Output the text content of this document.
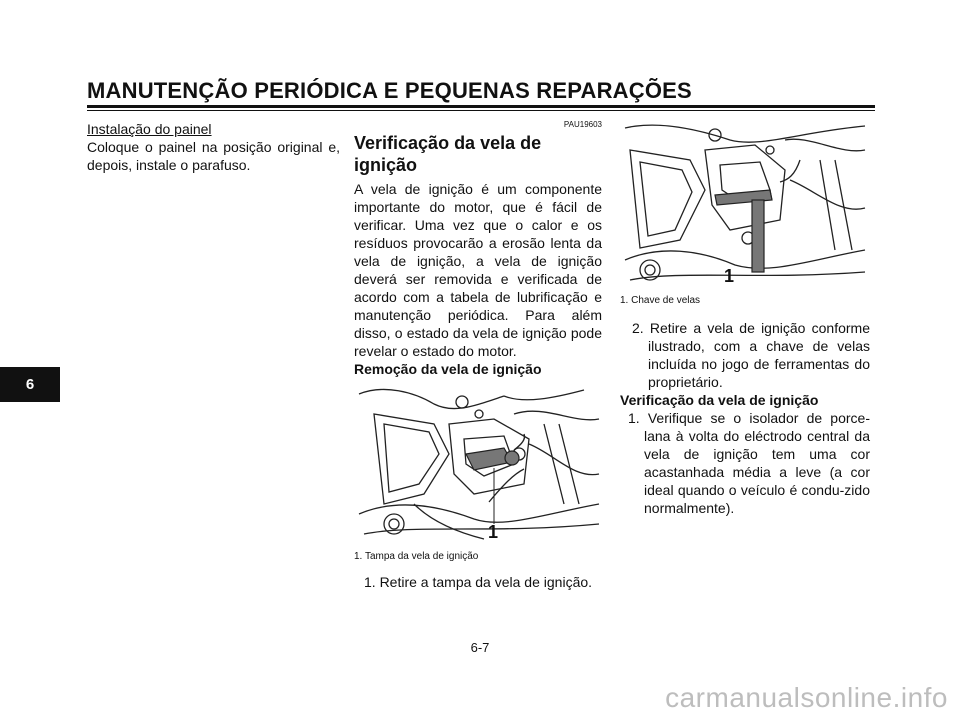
MANUTENÇÃO PERIÓDICA E PEQUENAS REPARAÇÕES
6
Instalação do painel

Coloque o painel na posição original e, depois, instale o parafuso.

PAU19603
Verificação da vela de ignição

A vela de ignição é um componente importante do motor, que é fácil de verificar. Uma vez que o calor e os resíduos provocarão a erosão lenta da vela de ignição, a vela de ignição deverá ser removida e verificada de acordo com a tabela de lubrificação e manutenção periódica. Para além disso, o estado da vela de ignição pode revelar o estado do motor.

Remoção da vela de ignição

1
1. Tampa da vela de ignição

1. Retire a tampa da vela de ignição.

1
1. Chave de velas

2. Retire a vela de ignição conforme ilustrado, com a chave de velas incluída no jogo de ferramentas do proprietário.

Verificação da vela de ignição

1. Verifique se o isolador de porce-lana à volta do eléctrodo central da vela de ignição tem uma cor acastanhada média a leve (a cor ideal quando o veículo é condu-zido normalmente).

6-7
carmanualsonline.info
